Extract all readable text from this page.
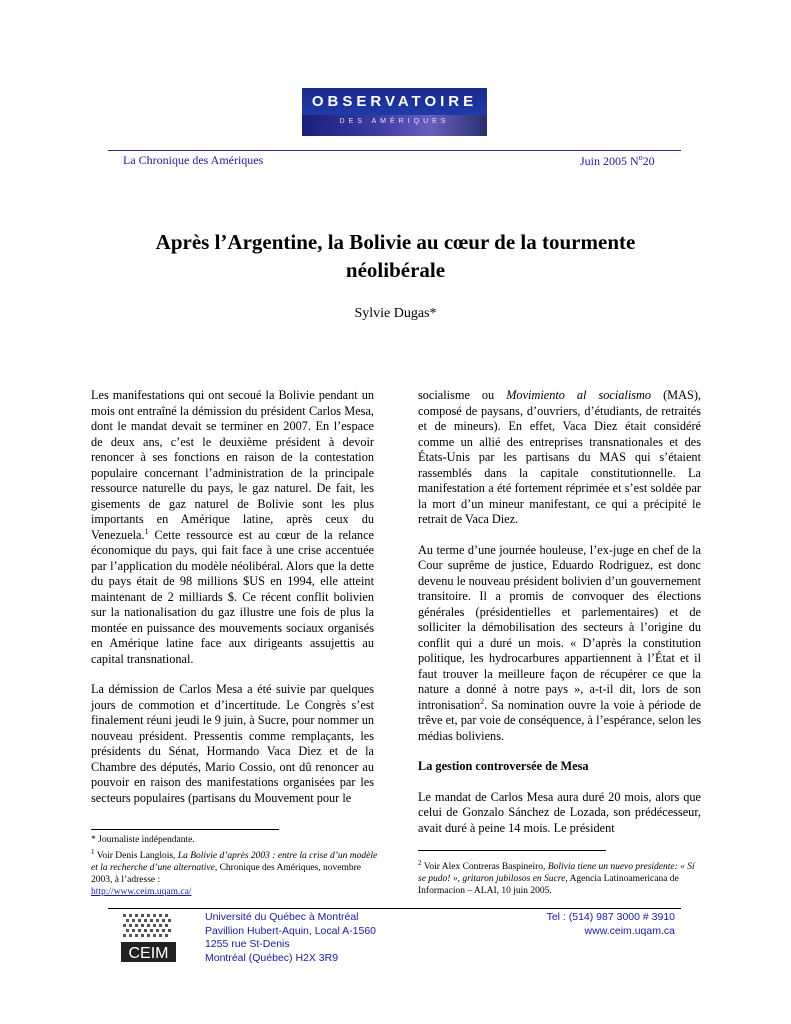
OBSERVATOIRE
DES AMÉRIQUES
La Chronique des Amériques	Juin 2005 $N^o20$
Après l’Argentine, la Bolivie au cœur de la tourmente
néolibérale
Sylvie Dugas*

Les manifestations qui ont secoué la Bolivie pendant un mois ont entraîné la démission du président Carlos Mesa, dont le mandat devait se terminer en 2007. En l’espace de deux ans, c’est le deuxième président à devoir renoncer à ses fonctions en raison de la contestation populaire concernant l’administration de la principale ressource naturelle du pays, le gaz naturel. De fait, les gisements de gaz naturel de Bolivie sont les plus importants en Amérique latine, après ceux du Venezuela.$^1$ Cette ressource est au cœur de la relance économique du pays, qui fait face à une crise accentuée par l’application du modèle néolibéral. Alors que la dette du pays était de 98 millions $US en 1994, elle atteint maintenant de 2 milliards $. Ce récent conflit bolivien sur la nationalisation du gaz illustre une fois de plus la montée en puissance des mouvements sociaux organisés en Amérique latine face aux dirigeants assujettis au capital transnational.

La démission de Carlos Mesa a été suivie par quelques jours de commotion et d’incertitude. Le Congrès s’est finalement réuni jeudi le 9 juin, à Sucre, pour nommer un nouveau président. Pressentis comme remplaçants, les présidents du Sénat, Hormando Vaca Diez et de la Chambre des députés, Mario Cossio, ont dû renoncer au pouvoir en raison des manifestations organisées par les secteurs populaires (partisans du Mouvement pour le

socialisme ou Movimiento al socialismo (MAS), composé de paysans, d’ouvriers, d’étudiants, de retraités et de mineurs). En effet, Vaca Diez était considéré comme un allié des entreprises transnationales et des États-Unis par les partisans du MAS qui s’étaient rassemblés dans la capitale constitutionnelle. La manifestation a été fortement réprimée et s’est soldée par la mort d’un mineur manifestant, ce qui a précipité le retrait de Vaca Diez.

Au terme d’une journée houleuse, l’ex-juge en chef de la Cour suprême de justice, Eduardo Rodriguez, est donc devenu le nouveau président bolivien d’un gouvernement transitoire. Il a promis de convoquer des élections générales (présidentielles et parlementaires) et de solliciter la démobilisation des secteurs à l’origine du conflit qui a duré un mois. « D’après la constitution politique, les hydrocarbures appartiennent à l’État et il faut trouver la meilleure façon de récupérer ce que la nature a donné à notre pays », a-t-il dit, lors de son intronisation$^2$. Sa nomination ouvre la voie à période de trêve et, par voie de conséquence, à l’espérance, selon les médias boliviens.

La gestion controversée de Mesa

Le mandat de Carlos Mesa aura duré 20 mois, alors que celui de Gonzalo Sánchez de Lozada, son prédécesseur, avait duré à peine 14 mois. Le président

* Journaliste indépendante.

$^1$ Voir Denis Langlois, La Bolivie d’après 2003 : entre la crise d’un modèle et la recherche d’une alternative, Chronique des Amériques, novembre 2003, à l’adresse :
http://www.ceim.uqam.ca/

$^2$ Voir Alex Contreras Baspineiro, Bolivia tiene un nuevo presidente: « Sí se pudo! », gritaron jubilosos en Sucre, Agencia Latinoamericana de Informacion – ALAI, 10 juin 2005.

CEIM
Université du Québec à Montréal
Pavillion Hubert-Aquin, Local A-1560
1255 rue St-Denis
Montréal (Québec) H2X 3R9
Tel : (514) 987 3000 # 3910
www.ceim.uqam.ca
